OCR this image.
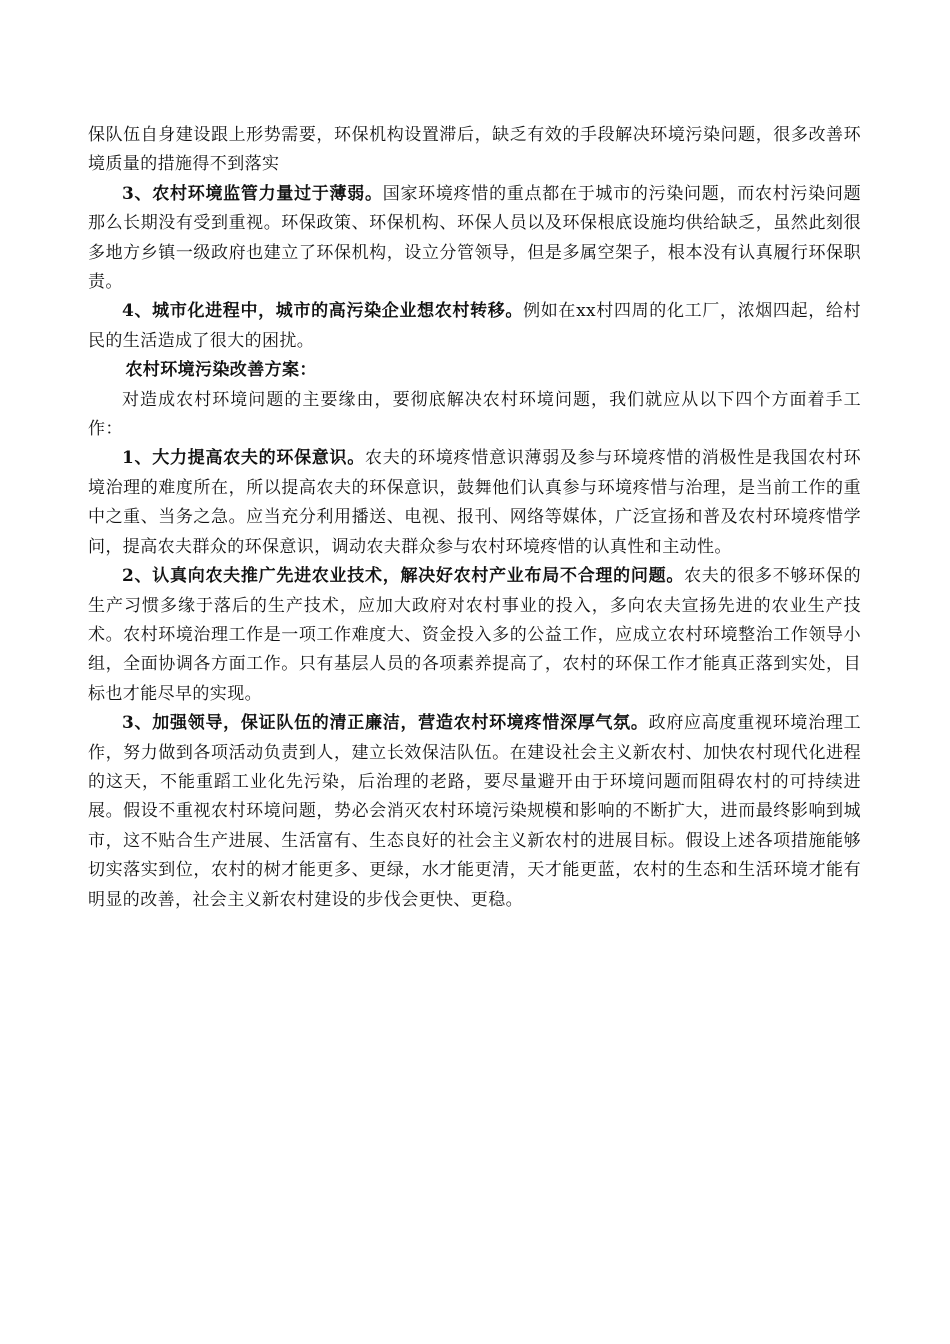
保队伍自身建设跟上形势需要，环保机构设置滞后，缺乏有效的手段解决环境污染问题，很多改善环境质量的措施得不到落实

3、农村环境监管力量过于薄弱。国家环境疼惜的重点都在于城市的污染问题，而农村污染问题那么长期没有受到重视。环保政策、环保机构、环保人员以及环保根底设施均供给缺乏，虽然此刻很多地方乡镇一级政府也建立了环保机构，设立分管领导，但是多属空架子，根本没有认真履行环保职责。

4、城市化进程中，城市的高污染企业想农村转移。例如在xx村四周的化工厂，浓烟四起，给村民的生活造成了很大的困扰。

农村环境污染改善方案：

对造成农村环境问题的主要缘由，要彻底解决农村环境问题，我们就应从以下四个方面着手工作：

1、大力提高农夫的环保意识。农夫的环境疼惜意识薄弱及参与环境疼惜的消极性是我国农村环境治理的难度所在，所以提高农夫的环保意识，鼓舞他们认真参与环境疼惜与治理，是当前工作的重中之重、当务之急。应当充分利用播送、电视、报刊、网络等媒体，广泛宣扬和普及农村环境疼惜学问，提高农夫群众的环保意识，调动农夫群众参与农村环境疼惜的认真性和主动性。

2、认真向农夫推广先进农业技术，解决好农村产业布局不合理的问题。农夫的很多不够环保的生产习惯多缘于落后的生产技术，应加大政府对农村事业的投入，多向农夫宣扬先进的农业生产技术。农村环境治理工作是一项工作难度大、资金投入多的公益工作，应成立农村环境整治工作领导小组，全面协调各方面工作。只有基层人员的各项素养提高了，农村的环保工作才能真正落到实处，目标也才能尽早的实现。

3、加强领导，保证队伍的清正廉洁，营造农村环境疼惜深厚气氛。政府应高度重视环境治理工作，努力做到各项活动负责到人，建立长效保洁队伍。在建设社会主义新农村、加快农村现代化进程的这天，不能重蹈工业化先污染，后治理的老路，要尽量避开由于环境问题而阻碍农村的可持续进展。假设不重视农村环境问题，势必会消灭农村环境污染规模和影响的不断扩大，进而最终影响到城市，这不贴合生产进展、生活富有、生态良好的社会主义新农村的进展目标。假设上述各项措施能够切实落实到位，农村的树才能更多、更绿，水才能更清，天才能更蓝，农村的生态和生活环境才能有明显的改善，社会主义新农村建设的步伐会更快、更稳。
